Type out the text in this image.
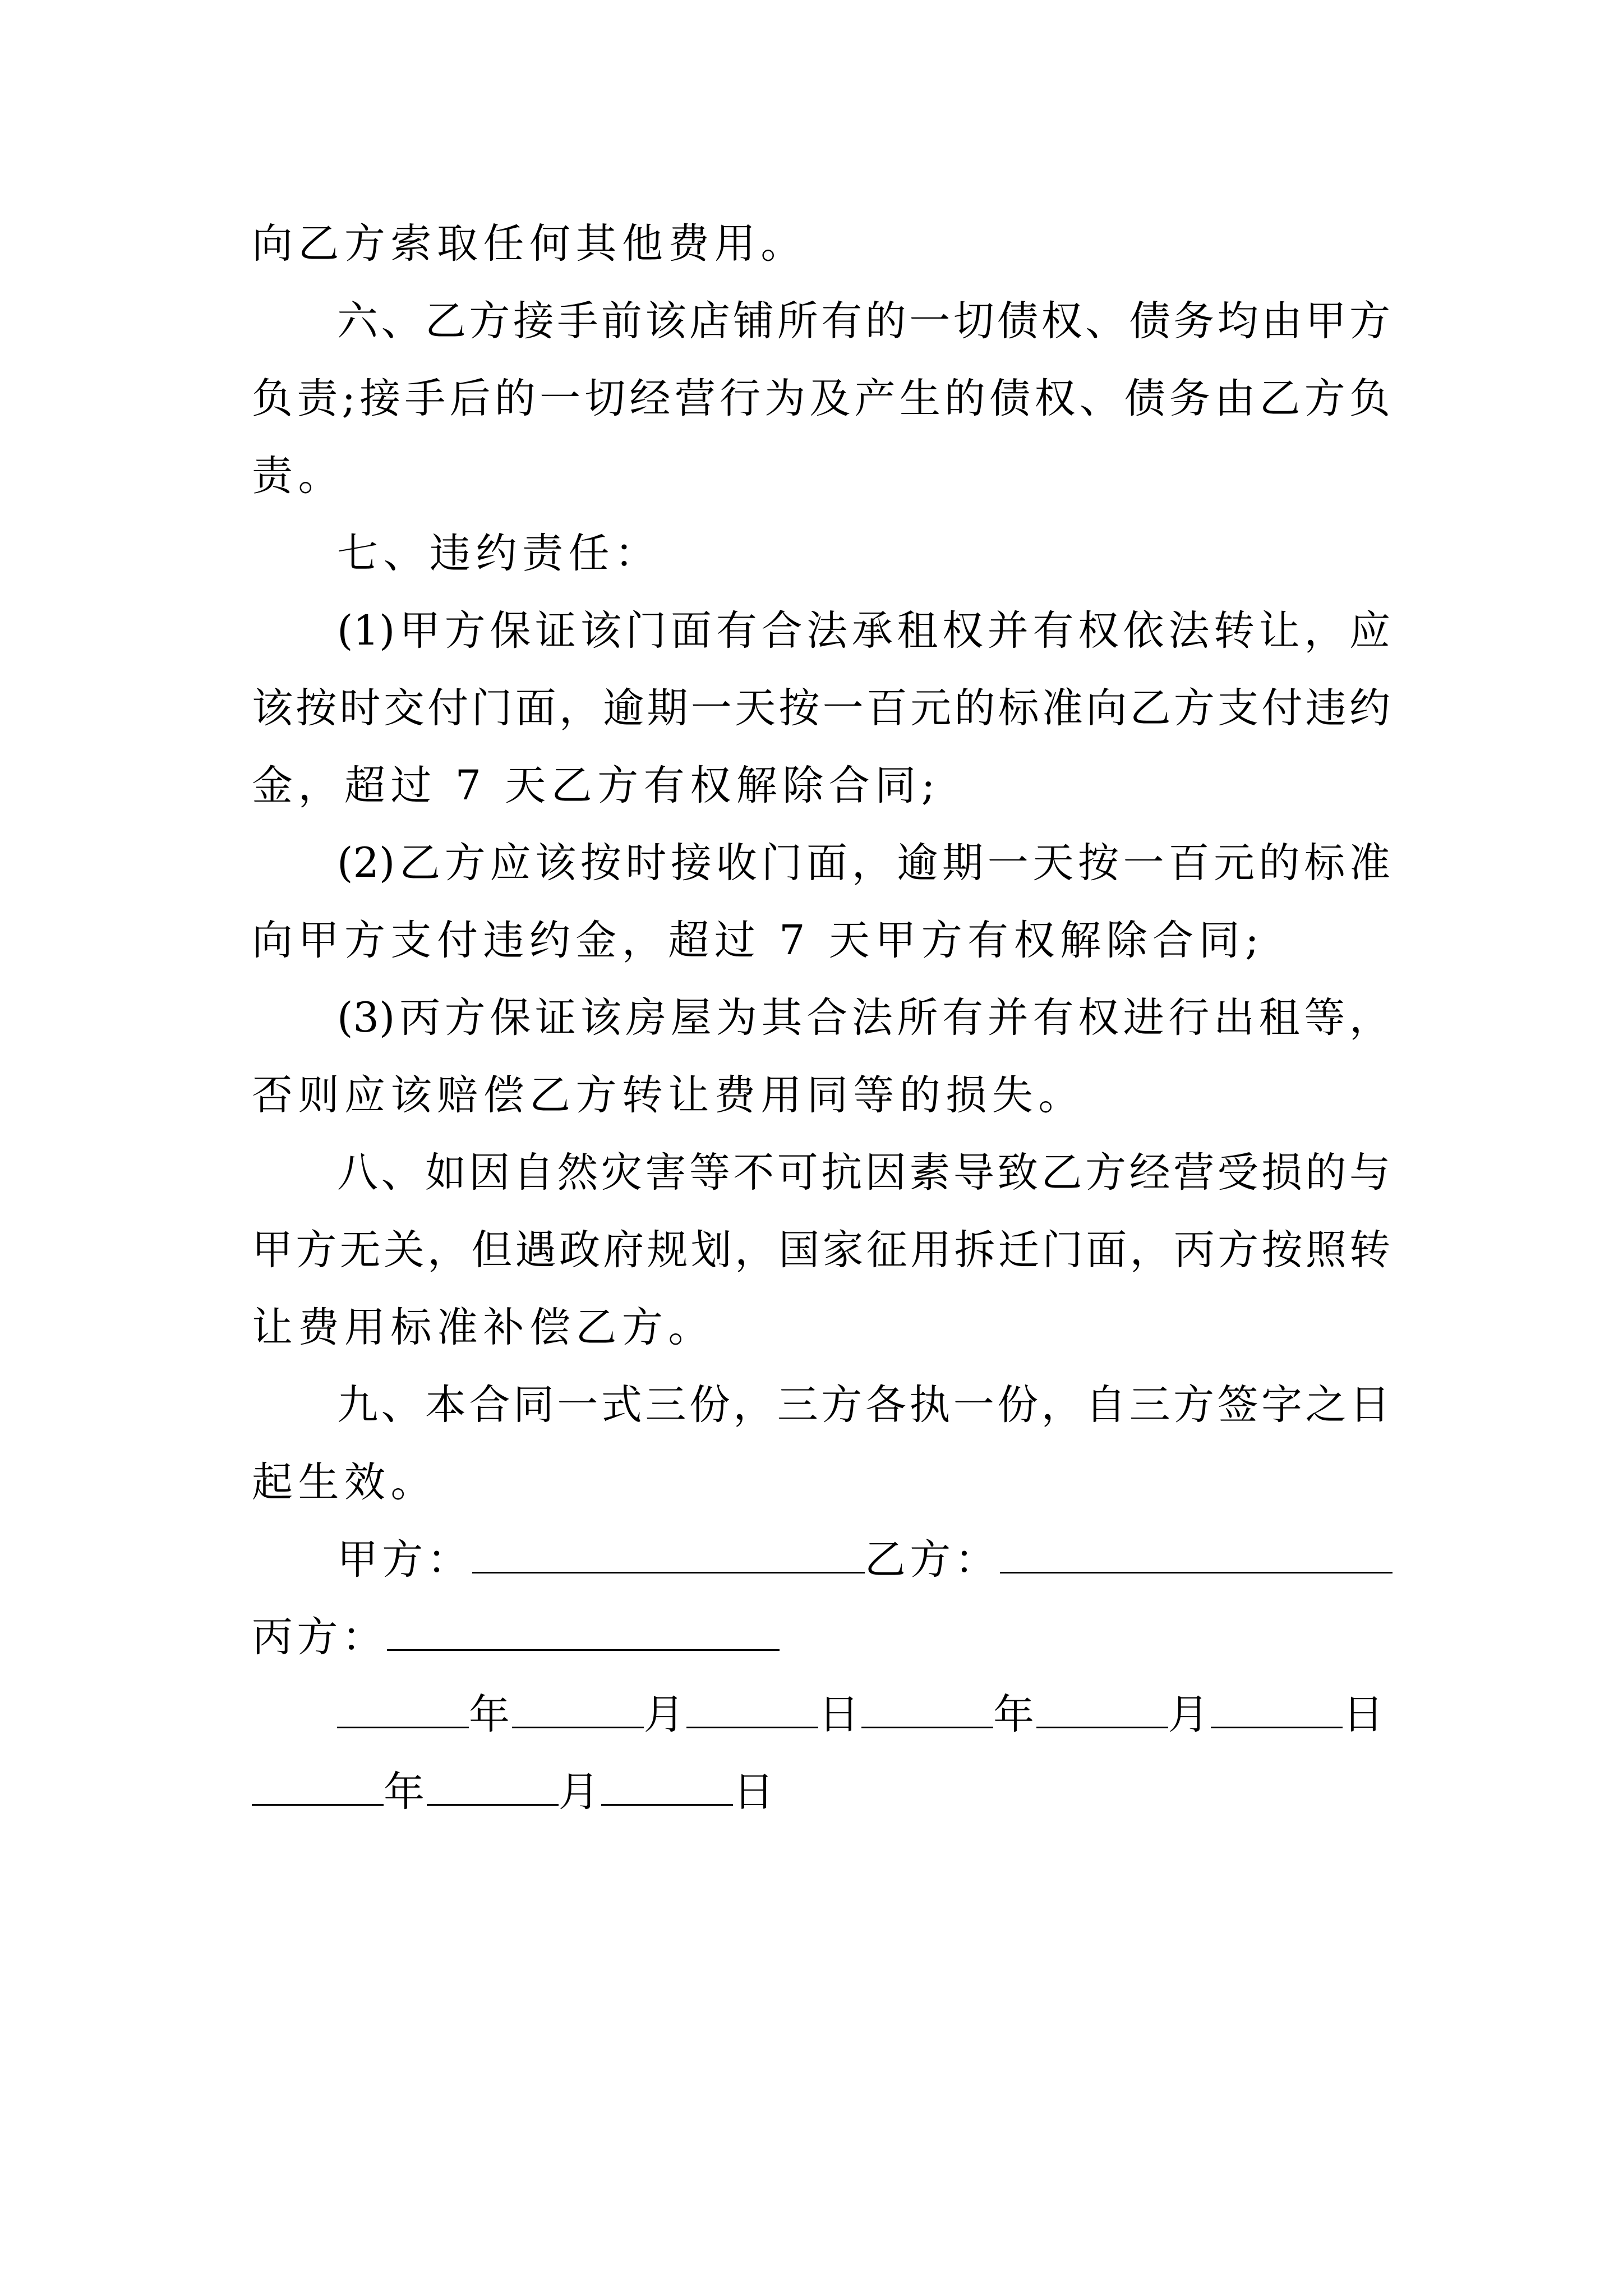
向乙方索取任何其他费用。
六、乙方接手前该店铺所有的一切债权、债务均由甲方
负责;接手后的一切经营行为及产生的债权、债务由乙方负
责。
七、违约责任：
(1)甲方保证该门面有合法承租权并有权依法转让，应
该按时交付门面，逾期一天按一百元的标准向乙方支付违约
金，超过 7 天乙方有权解除合同;
(2)乙方应该按时接收门面，逾期一天按一百元的标准
向甲方支付违约金，超过 7 天甲方有权解除合同;
(3)丙方保证该房屋为其合法所有并有权进行出租等，
否则应该赔偿乙方转让费用同等的损失。
八、如因自然灾害等不可抗因素导致乙方经营受损的与
甲方无关，但遇政府规划，国家征用拆迁门面，丙方按照转
让费用标准补偿乙方。
九、本合同一式三份，三方各执一份，自三方签字之日
起生效。
甲方：	乙方：
丙方：
年	月	日	年	月	日
年	月	日
